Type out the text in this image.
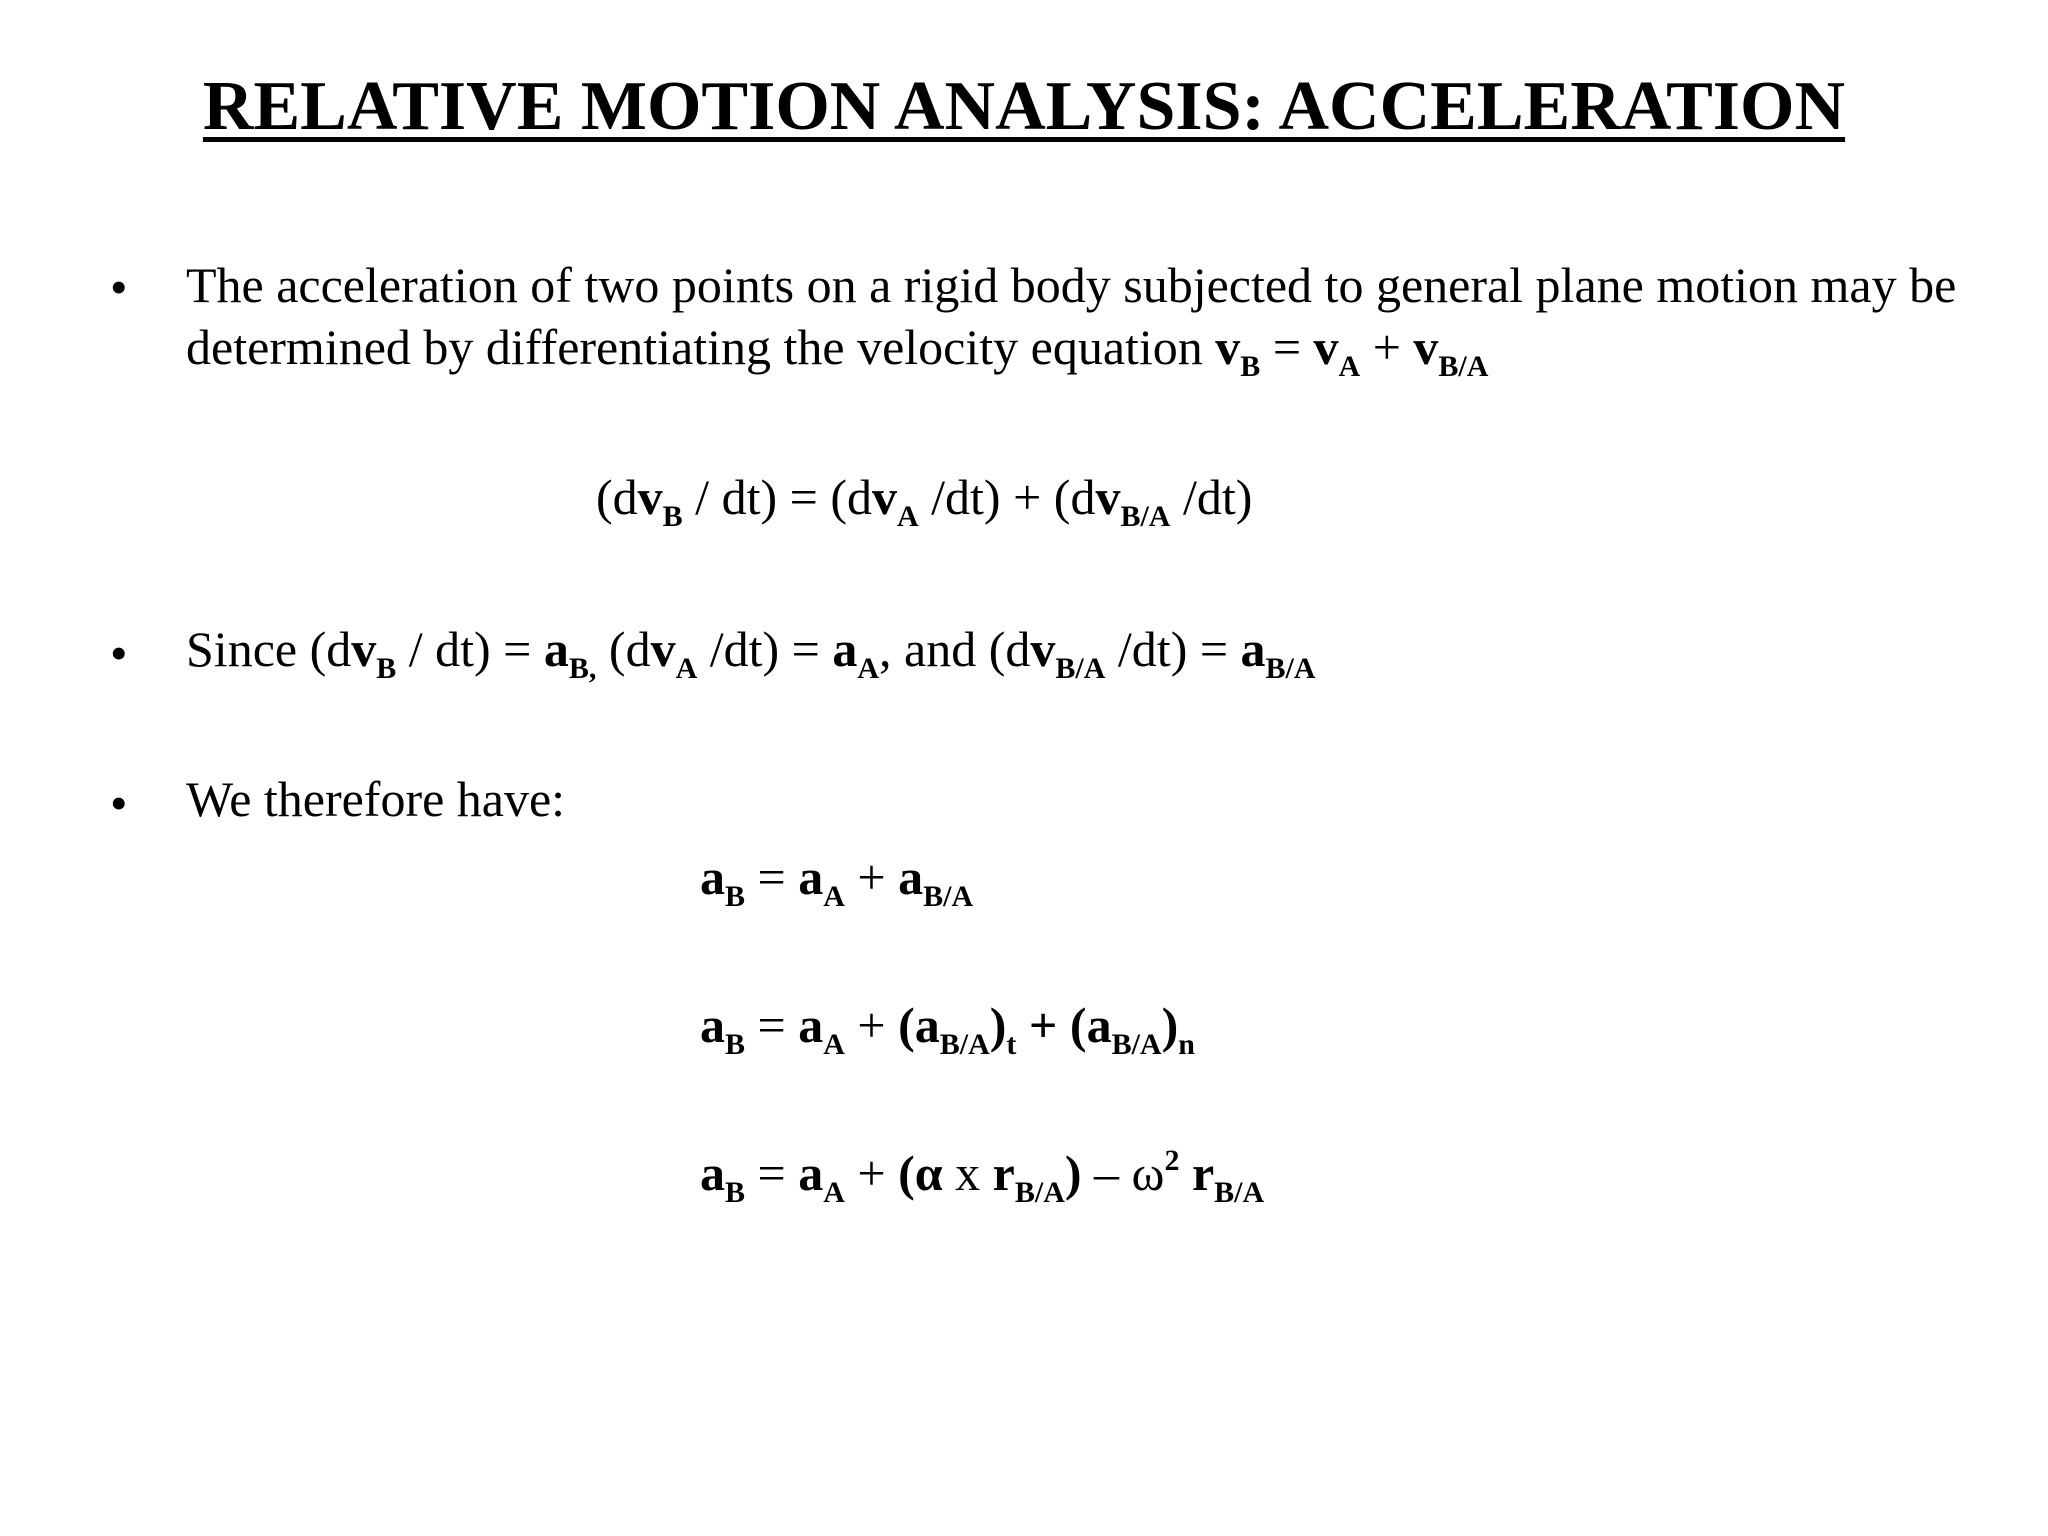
RELATIVE MOTION ANALYSIS: ACCELERATION
• The acceleration of two points on a rigid body subjected to general plane motion may be determined by differentiating the velocity equation $v_B = v_A + v_{B/A}$
$(dv_B / dt) = (dv_A$ $/dt) + (dv_{B/A}$ /dt)
• Since $(dv_B / dt) = a_{B,}$ ($dv_A$ $/dt) = a_A$, and ($dv_{B/A}$ $/dt) = a_{B/A}$
• We therefore have:
$a_B = a_A + a_{B/A}$
$a_B = a_A + (a_{B/A})_t + (a_{B/A})_n$
$a_B = a_A + (\alpha$ x $r_{B/A}) - \omega^2$ $r_{B/A}$
